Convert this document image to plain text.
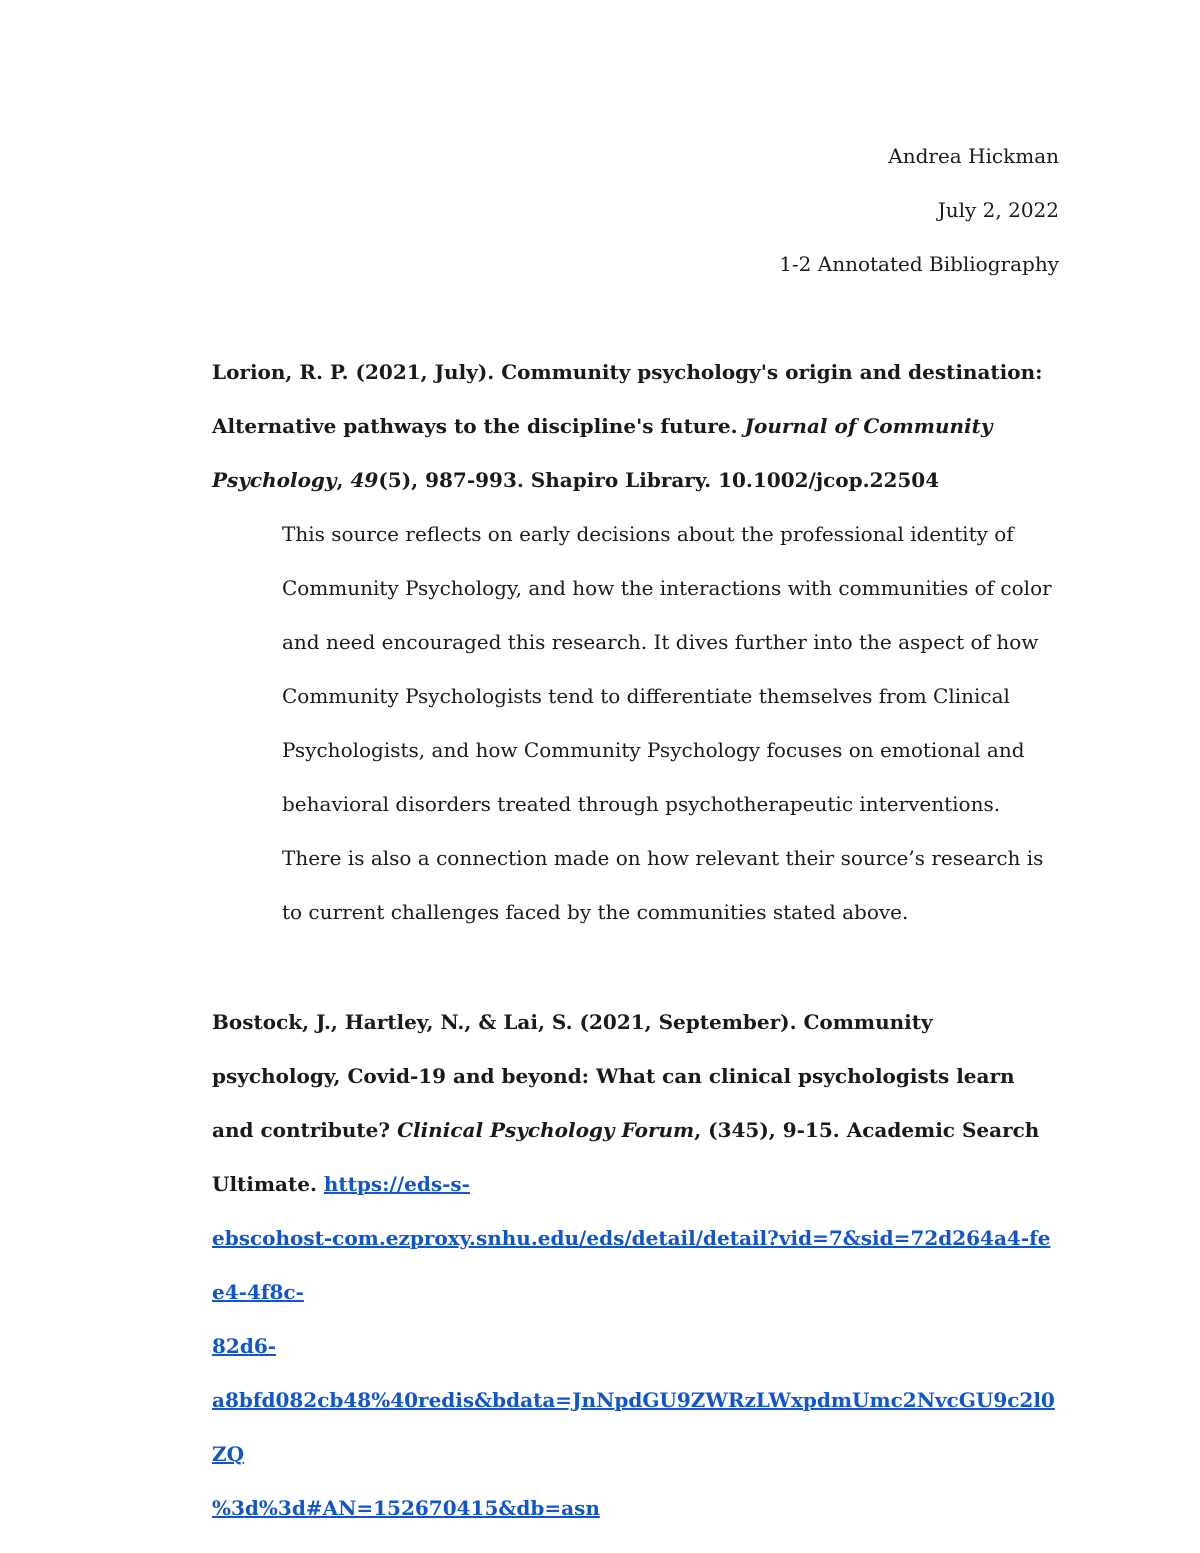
Andrea Hickman
July 2, 2022
1-2 Annotated Bibliography

Lorion, R. P. (2021, July). Community psychology's origin and destination: Alternative pathways to the discipline's future. Journal of Community Psychology, 49(5), 987-993. Shapiro Library. 10.1002/jcop.22504

This source reflects on early decisions about the professional identity of Community Psychology, and how the interactions with communities of color and need encouraged this research. It dives further into the aspect of how Community Psychologists tend to differentiate themselves from Clinical Psychologists, and how Community Psychology focuses on emotional and behavioral disorders treated through psychotherapeutic interventions. There is also a connection made on how relevant their source’s research is to current challenges faced by the communities stated above.

Bostock, J., Hartley, N., & Lai, S. (2021, September). Community psychology, Covid-19 and beyond: What can clinical psychologists learn and contribute? Clinical Psychology Forum, (345), 9-15. Academic Search Ultimate. https://eds-s-
ebscohost-com.ezproxy.snhu.edu/eds/detail/detail?vid=7&sid=72d264a4-fee4-4f8c-
82d6-
a8bfd082cb48%40redis&bdata=JnNpdGU9ZWRzLWxpdmUmc2NvcGU9c2l0ZQ
%3d%3d#AN=152670415&db=asn
